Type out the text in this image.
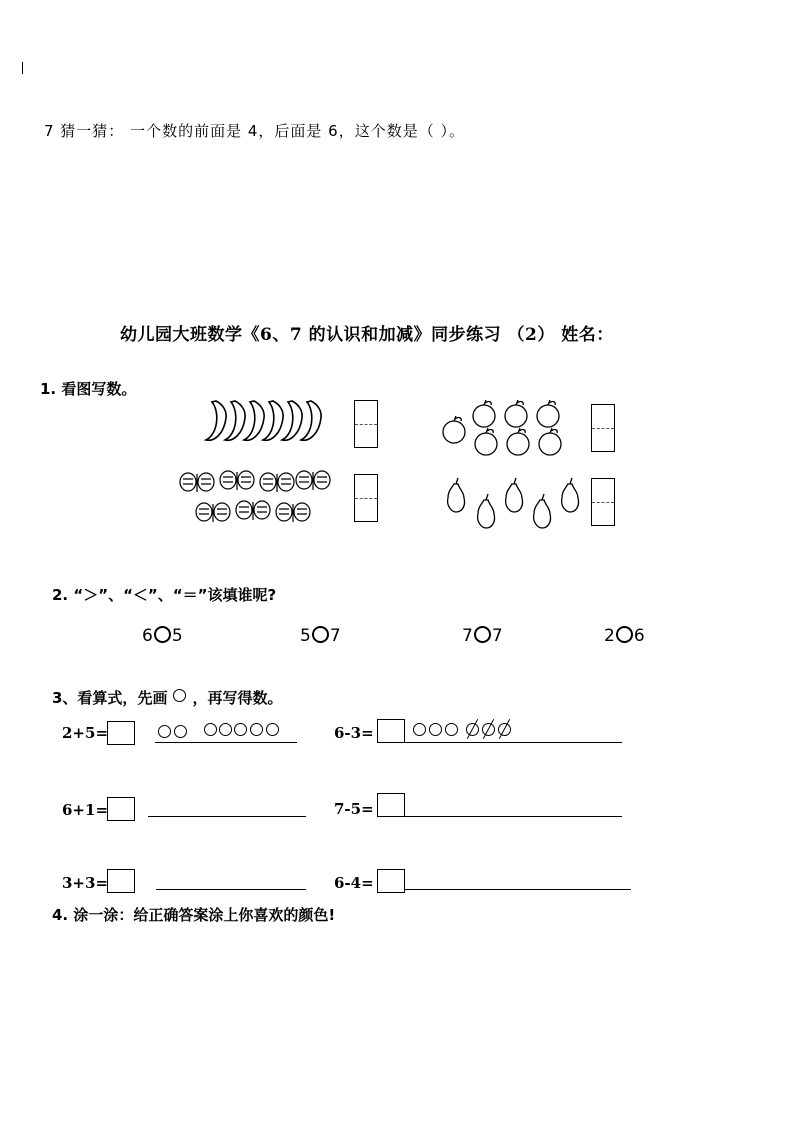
7 猜一猜： 一个数的前面是 4，后面是 6，这个数是（ ）。
幼儿园大班数学《6、7 的认识和加减》同步练习 （2） 姓名：
1. 看图写数。
2. “＞”、“＜”、“＝”该填谁呢?
6 5	5 7	7 7	2 6
3、看算式，先画 ，再写得数。
2+5=	6-3=
6+1=	7-5=
3+3=	6-4=
4. 涂一涂：给正确答案涂上你喜欢的颜色!
